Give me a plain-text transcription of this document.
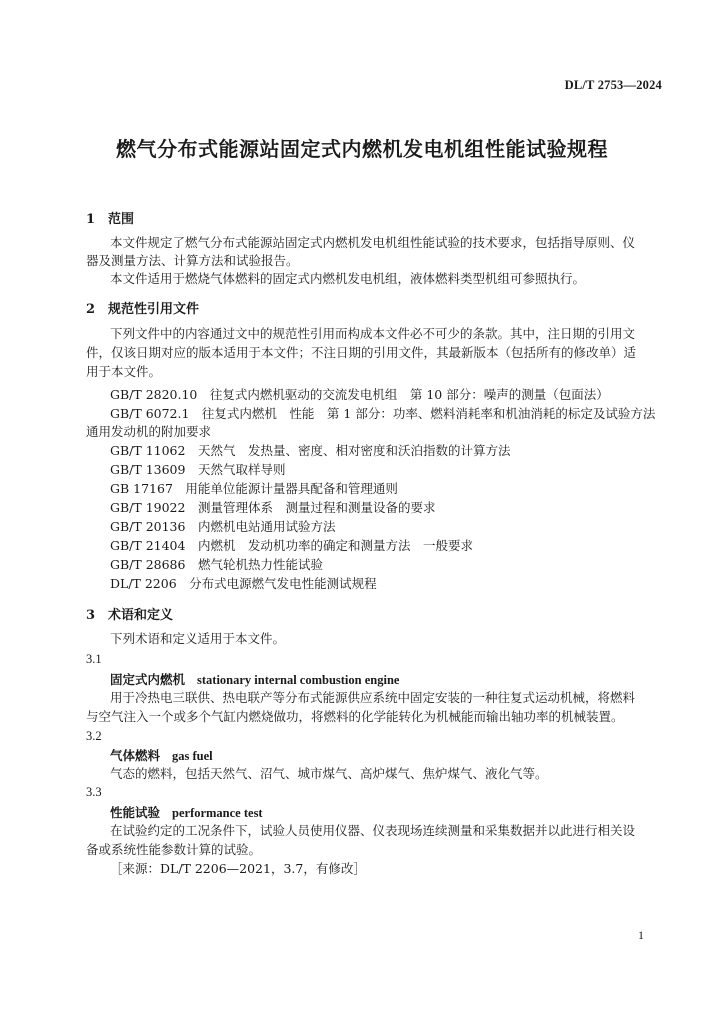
DL/T 2753—2024
燃气分布式能源站固定式内燃机发电机组性能试验规程
1 范围
本文件规定了燃气分布式能源站固定式内燃机发电机组性能试验的技术要求，包括指导原则、仪
器及测量方法、计算方法和试验报告。
本文件适用于燃烧气体燃料的固定式内燃机发电机组，液体燃料类型机组可参照执行。
2 规范性引用文件
下列文件中的内容通过文中的规范性引用而构成本文件必不可少的条款。其中，注日期的引用文
件，仅该日期对应的版本适用于本文件；不注日期的引用文件，其最新版本（包括所有的修改单）适
用于本文件。
GB/T 2820.10　往复式内燃机驱动的交流发电机组　第 10 部分：噪声的测量（包面法）
GB/T 6072.1　往复式内燃机　性能　第 1 部分：功率、燃料消耗率和机油消耗的标定及试验方法
通用发动机的附加要求
GB/T 11062　天然气　发热量、密度、相对密度和沃泊指数的计算方法
GB/T 13609　天然气取样导则
GB 17167　用能单位能源计量器具配备和管理通则
GB/T 19022　测量管理体系　测量过程和测量设备的要求
GB/T 20136　内燃机电站通用试验方法
GB/T 21404　内燃机　发动机功率的确定和测量方法　一般要求
GB/T 28686　燃气轮机热力性能试验
DL/T 2206　分布式电源燃气发电性能测试规程
3 术语和定义
下列术语和定义适用于本文件。
3.1
固定式内燃机 stationary internal combustion engine
用于冷热电三联供、热电联产等分布式能源供应系统中固定安装的一种往复式运动机械，将燃料
与空气注入一个或多个气缸内燃烧做功，将燃料的化学能转化为机械能而输出轴功率的机械装置。
3.2
气体燃料 gas fuel
气态的燃料，包括天然气、沼气、城市煤气、高炉煤气、焦炉煤气、液化气等。
3.3
性能试验 performance test
在试验约定的工况条件下，试验人员使用仪器、仪表现场连续测量和采集数据并以此进行相关设
备或系统性能参数计算的试验。
［来源：DL/T 2206—2021，3.7，有修改］
1
